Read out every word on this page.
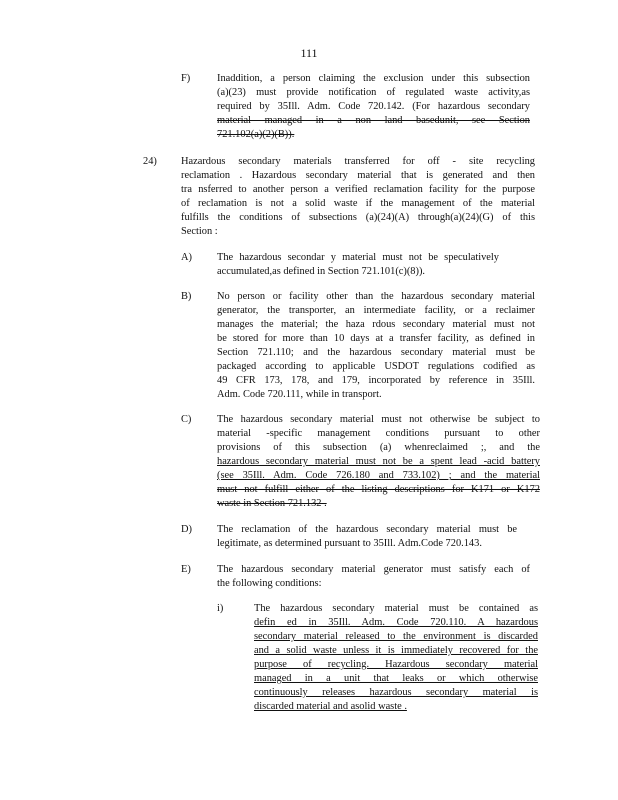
111
F)	Inaddition, a person claiming the exclusion under this subsection
(a)(23) must provide notification of regulated waste activity,as
required by 35Ill. Adm. Code 720.142. (For hazardous secondary
material managed in a non land basedunit, see Section
721.102(a)(2)(B)).
24) Hazardous secondary materials transferred for off - site recycling
reclamation . Hazardous secondary material that is generated and then
tra nsferred to another person a verified reclamation facility for the purpose
of reclamation is not a solid waste if the management of the material
fulfills the conditions of subsections (a)(24)(A) through(a)(24)(G) of this
Section :
A) The hazardous secondar y material must not be speculatively
accumulated,as defined in Section 721.101(c)(8)).
B) No person or facility other than the hazardous secondary material
generator, the transporter, an intermediate facility, or a reclaimer
manages the material; the haza rdous secondary material must not
be stored for more than 10 days at a transfer facility, as defined in
Section 721.110; and the hazardous secondary material must be
packaged according to applicable USDOT regulations codified as
49 CFR 173, 178, and 179, incorporated by reference in 35Ill.
Adm. Code 720.111, while in transport.
C) The hazardous secondary material must not otherwise be subject to
material -specific management conditions pursuant to other
provisions of this subsection (a) whenreclaimed ;, and the
hazardous secondary material must not be a spent lead -acid battery
(see 35Ill. Adm. Code 726.180 and 733.102) ; and the material
must not fulfill either of the listing descriptions for K171 or K172
waste in Section 721.132 .
D) The reclamation of the hazardous secondary material must be
legitimate, as determined pursuant to 35Ill. Adm.Code 720.143.
E)	The hazardous secondary material generator must satisfy each of
the following conditions:
i)	The hazardous secondary material must be contained as
defin ed in 35Ill. Adm. Code 720.110. A hazardous
secondary material released to the environment is discarded
and a solid waste unless it is immediately recovered for the
purpose of recycling. Hazardous secondary material
managed in a unit that leaks or which otherwise
continuously releases hazardous secondary material is
discarded material and asolid waste .
